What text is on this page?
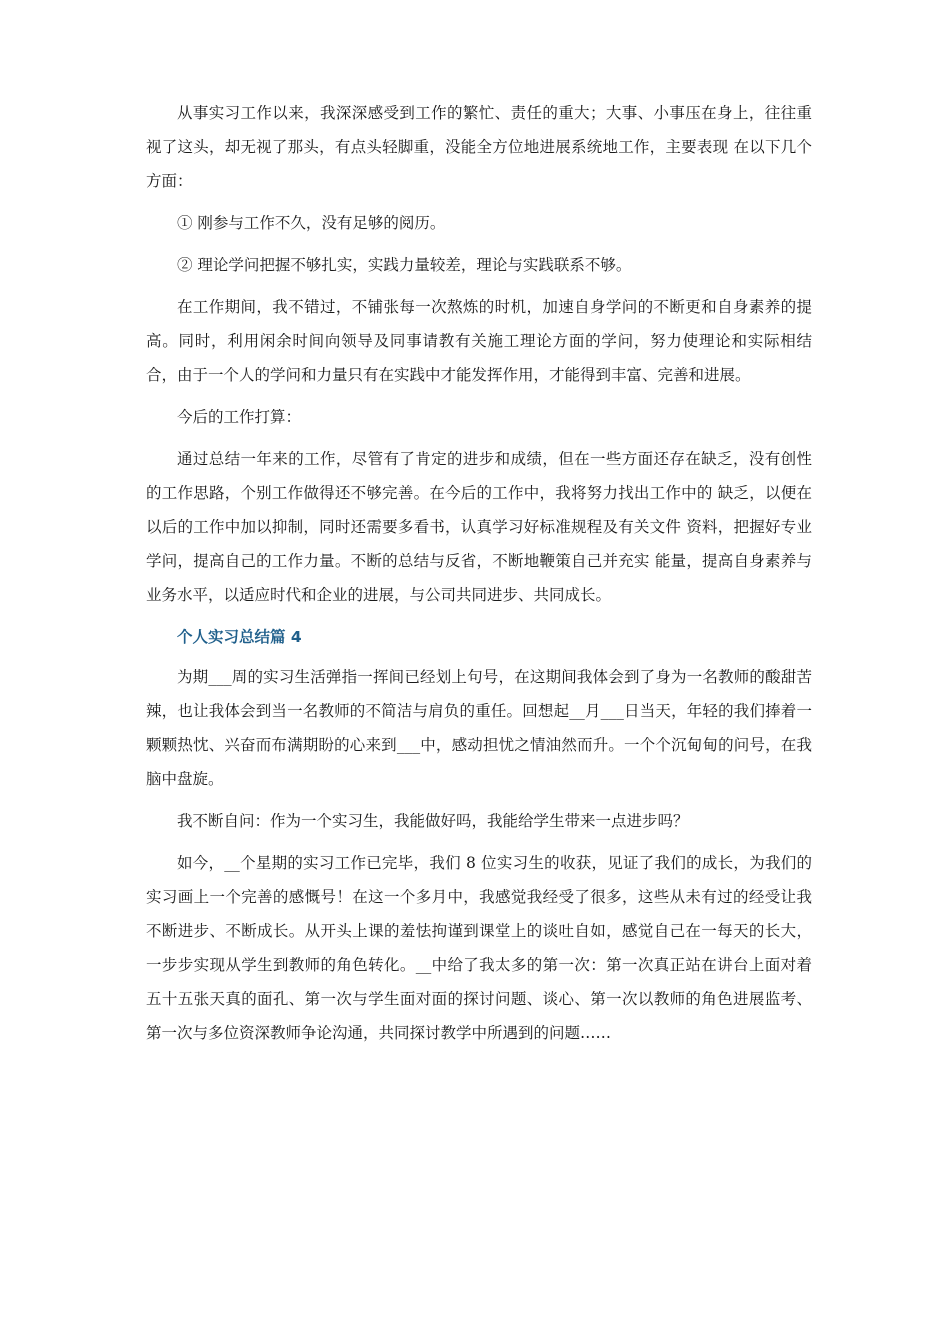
从事实习工作以来，我深深感受到工作的繁忙、责任的重大；大事、小事压在身上，往往重视了这头，却无视了那头，有点头轻脚重，没能全方位地进展系统地工作，主要表现 在以下几个方面：

① 刚参与工作不久，没有足够的阅历。

② 理论学问把握不够扎实，实践力量较差，理论与实践联系不够。

在工作期间，我不错过，不铺张每一次熬炼的时机，加速自身学问的不断更和自身素养的提高。同时，利用闲余时间向领导及同事请教有关施工理论方面的学问，努力使理论和实际相结合，由于一个人的学问和力量只有在实践中才能发挥作用，才能得到丰富、完善和进展。

今后的工作打算：

通过总结一年来的工作，尽管有了肯定的进步和成绩，但在一些方面还存在缺乏，没有创性的工作思路，个别工作做得还不够完善。在今后的工作中，我将努力找出工作中的 缺乏，以便在以后的工作中加以抑制，同时还需要多看书，认真学习好标准规程及有关文件 资料，把握好专业学问，提高自己的工作力量。不断的总结与反省，不断地鞭策自己并充实 能量，提高自身素养与业务水平，以适应时代和企业的进展，与公司共同进步、共同成长。

个人实习总结篇 4

为期___周的实习生活弹指一挥间已经划上句号，在这期间我体会到了身为一名教师的酸甜苦辣，也让我体会到当一名教师的不简洁与肩负的重任。回想起__月___日当天，年轻的我们捧着一颗颗热忱、兴奋而布满期盼的心来到___中，感动担忧之情油然而升。一个个沉甸甸的问号，在我脑中盘旋。

我不断自问：作为一个实习生，我能做好吗，我能给学生带来一点进步吗？

如今，__个星期的实习工作已完毕，我们 8 位实习生的收获，见证了我们的成长，为我们的实习画上一个完善的感慨号！在这一个多月中，我感觉我经受了很多，这些从未有过的经受让我不断进步、不断成长。从开头上课的羞怯拘谨到课堂上的谈吐自如，感觉自己在一每天的长大，一步步实现从学生到教师的角色转化。__中给了我太多的第一次：第一次真正站在讲台上面对着五十五张天真的面孔、第一次与学生面对面的探讨问题、谈心、第一次以教师的角色进展监考、第一次与多位资深教师争论沟通，共同探讨教学中所遇到的问题……
